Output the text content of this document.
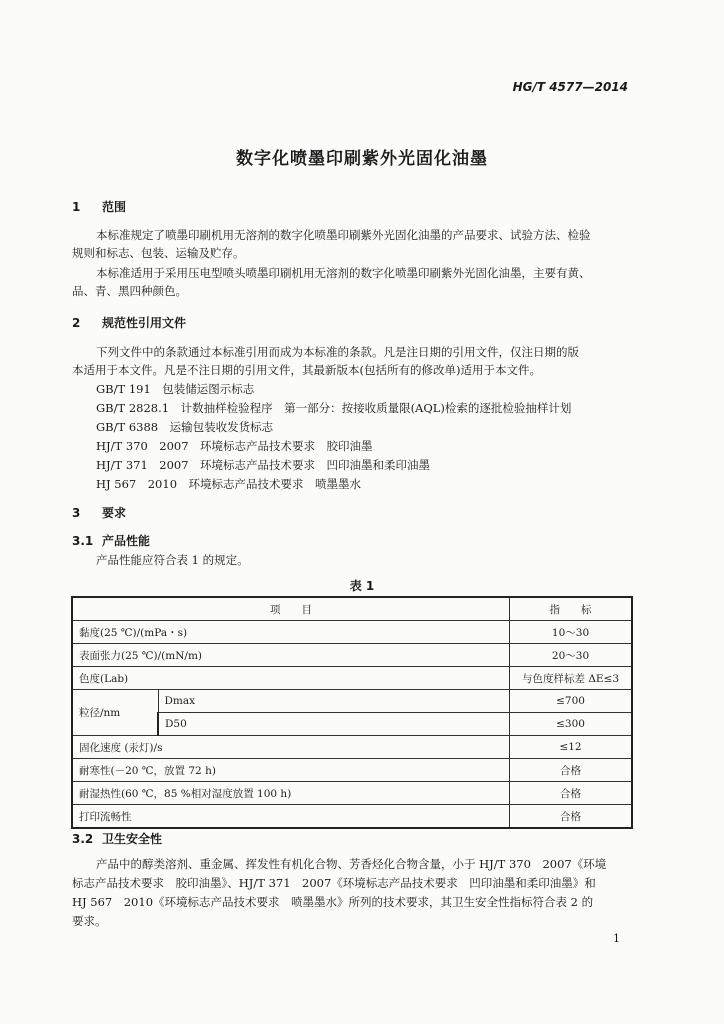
HG/T 4577—2014
数字化喷墨印刷紫外光固化油墨
1 范围
本标准规定了喷墨印刷机用无溶剂的数字化喷墨印刷紫外光固化油墨的产品要求、试验方法、检验
规则和标志、包装、运输及贮存。
本标准适用于采用压电型喷头喷墨印刷机用无溶剂的数字化喷墨印刷紫外光固化油墨，主要有黄、
品、青、黑四种颜色。
2 规范性引用文件
下列文件中的条款通过本标准引用而成为本标准的条款。凡是注日期的引用文件，仅注日期的版
本适用于本文件。凡是不注日期的引用文件，其最新版本(包括所有的修改单)适用于本文件。
GB/T 191　包装储运图示标志
GB/T 2828.1　计数抽样检验程序　第一部分：按接收质量限(AQL)检索的逐批检验抽样计划
GB/T 6388　运输包装收发货标志
HJ/T 370　2007　环境标志产品技术要求　胶印油墨
HJ/T 371　2007　环境标志产品技术要求　凹印油墨和柔印油墨
HJ 567　2010　环境标志产品技术要求　喷墨墨水
3 要求
3.1 产品性能
产品性能应符合表 1 的规定。
表 1
项　　目		指　　标
黏度(25 ℃)/(mPa・s)		10～30
表面张力(25 ℃)/(mN/m)		20～30
色度(Lab)		与色度样标差 ΔE≤3
粒径/nm	Dmax	≤700
	D50	≤300
固化速度 (汞灯)/s		≤12
耐寒性(－20 ℃，放置 72 h)		合格
耐湿热性(60 ℃，85 %相对湿度放置 100 h)		合格
打印流畅性		合格
3.2 卫生安全性
产品中的醇类溶剂、重金属、挥发性有机化合物、芳香烃化合物含量，小于 HJ/T 370　2007《环境
标志产品技术要求　胶印油墨》、HJ/T 371　2007《环境标志产品技术要求　凹印油墨和柔印油墨》和
HJ 567　2010《环境标志产品技术要求　喷墨墨水》所列的技术要求，其卫生安全性指标符合表 2 的
要求。
1
